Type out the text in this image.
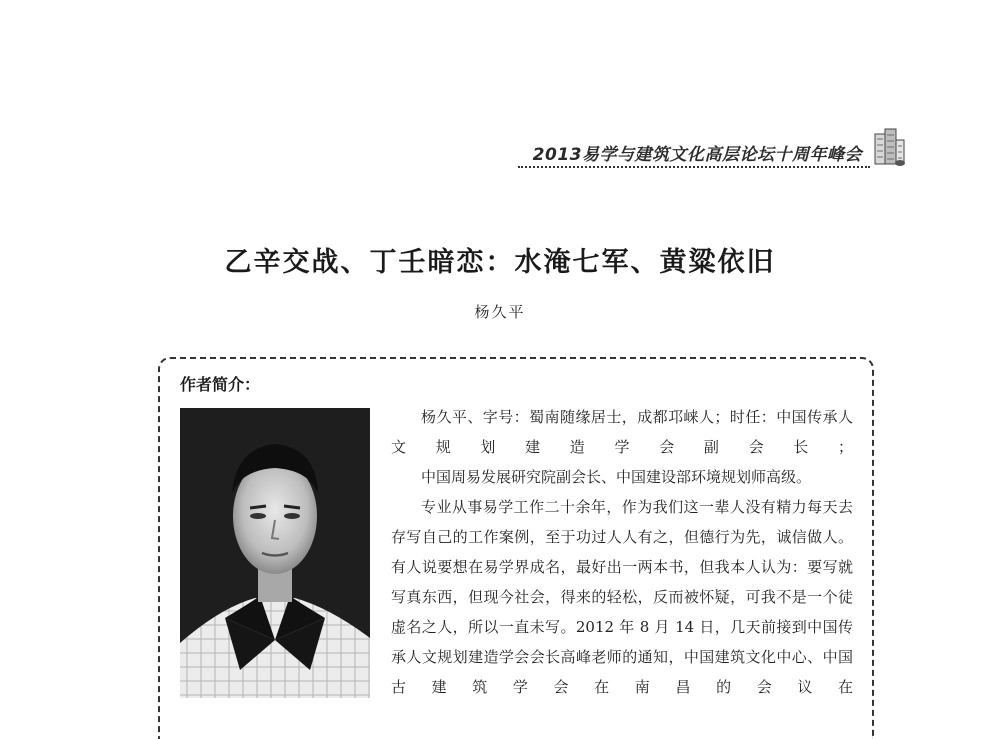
2013易学与建筑文化高层论坛十周年峰会
乙辛交战、丁壬暗恋：水淹七军、黄粱依旧
杨久平
作者简介：

杨久平、字号：蜀南随缘居士，成都邛崃人；时任：中国传承人文规划建造学会副会长；

中国周易发展研究院副会长、中国建设部环境规划师高级。

专业从事易学工作二十余年，作为我们这一辈人没有精力每天去存写自己的工作案例，至于功过人人有之，但德行为先，诚信做人。有人说要想在易学界成名，最好出一两本书，但我本人认为：要写就写真东西，但现今社会，得来的轻松，反而被怀疑，可我不是一个徒虚名之人，所以一直未写。2012 年 8 月 14 日，几天前接到中国传承人文规划建造学会会长高峰老师的通知，中国建筑文化中心、中国古建筑学会在南昌的会议在
